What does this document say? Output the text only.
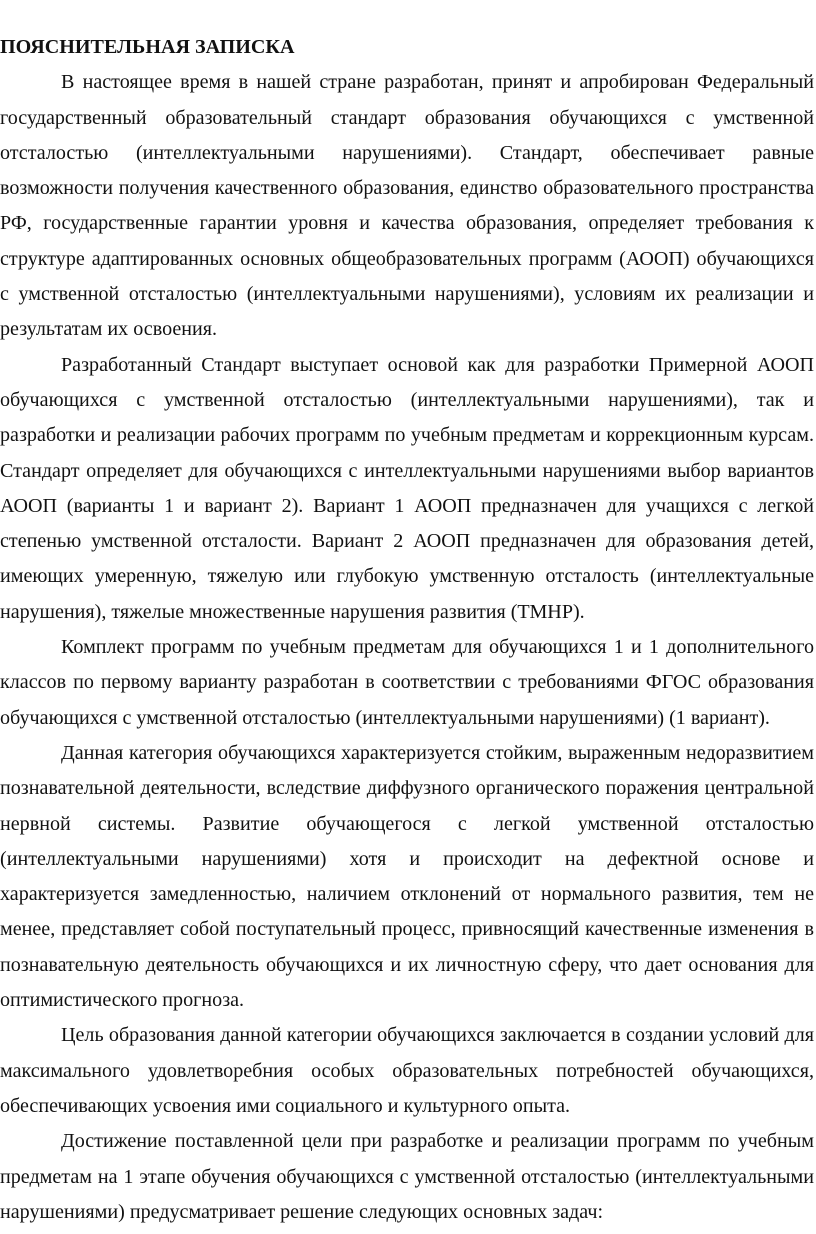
ПОЯСНИТЕЛЬНАЯ ЗАПИСКА

В настоящее время в нашей стране разработан, принят и апробирован Федеральный государственный образовательный стандарт образования обучающихся с умственной отсталостью (интеллектуальными нарушениями). Стандарт, обеспечивает равные возможности получения качественного образования, единство образовательного пространства РФ, государственные гарантии уровня и качества образования, определяет требования к структуре адаптированных основных общеобразовательных программ (АООП) обучающихся с умственной отсталостью (интеллектуальными нарушениями), условиям их реализации и результатам их освоения.

Разработанный Стандарт выступает основой как для разработки Примерной АООП обучающихся с умственной отсталостью (интеллектуальными нарушениями), так и разработки и реализации рабочих программ по учебным предметам и коррекционным курсам. Стандарт определяет для обучающихся с интеллектуальными нарушениями выбор вариантов АООП (варианты 1 и вариант 2). Вариант 1 АООП предназначен для учащихся с легкой степенью умственной отсталости. Вариант 2 АООП предназначен для образования детей, имеющих умеренную, тяжелую или глубокую умственную отсталость (интеллектуальные нарушения), тяжелые множественные нарушения развития (ТМНР).

Комплект программ по учебным предметам для обучающихся 1 и 1 дополнительного классов по первому варианту разработан в соответствии с требованиями ФГОС образования обучающихся с умственной отсталостью (интеллектуальными нарушениями) (1 вариант).

Данная категория обучающихся характеризуется стойким, выраженным недоразвитием познавательной деятельности, вследствие диффузного органического поражения центральной нервной системы. Развитие обучающегося с легкой умственной отсталостью (интеллектуальными нарушениями) хотя и происходит на дефектной основе и характеризуется замедленностью, наличием отклонений от нормального развития, тем не менее, представляет собой поступательный процесс, привносящий качественные изменения в познавательную деятельность обучающихся и их личностную сферу, что дает основания для оптимистического прогноза.

Цель образования данной категории обучающихся заключается в создании условий для максимального удовлетворебния особых образовательных потребностей обучающихся, обеспечивающих усвоения ими социального и культурного опыта.

Достижение поставленной цели при разработке и реализации программ по учебным предметам на 1 этапе обучения обучающихся с умственной отсталостью (интеллектуальными нарушениями) предусматривает решение следующих основных задач:
